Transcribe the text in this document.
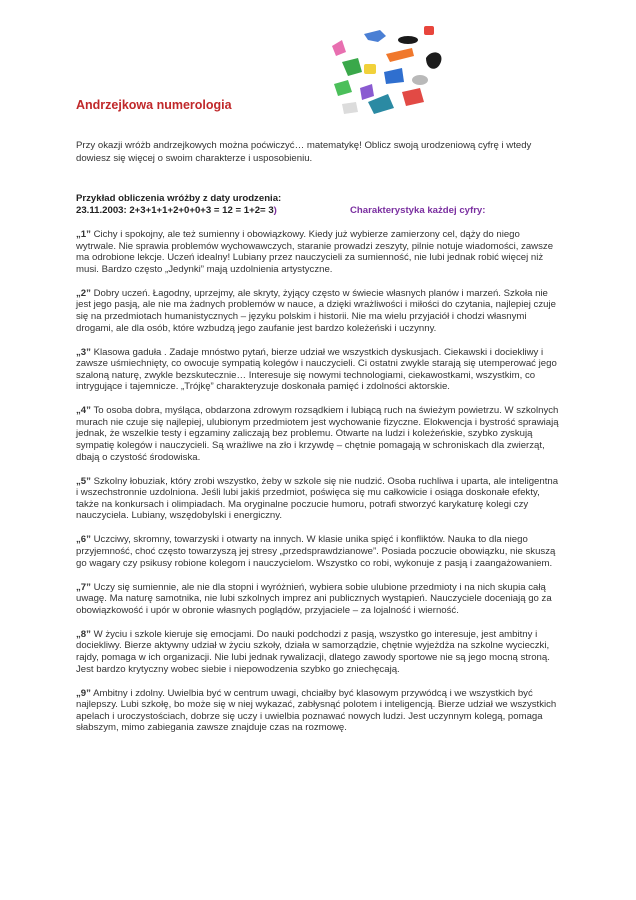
Andrzejkowa numerologia

Przy okazji wróżb andrzejkowych można poćwiczyć… matematykę! Oblicz swoją urodzeniową cyfrę i wtedy dowiesz się więcej o swoim charakterze i usposobieniu.

Przykład obliczenia wróżby z daty urodzenia:
23.11.2003: 2+3+1+1+2+0+0+3 = 12 = 1+2= 3)	Charakterystyka każdej cyfry:

„1” Cichy i spokojny, ale też sumienny i obowiązkowy. Kiedy już wybierze zamierzony cel, dąży do niego wytrwale. Nie sprawia problemów wychowawczych, staranie prowadzi zeszyty, pilnie notuje wiadomości, zawsze ma odrobione lekcje. Uczeń idealny! Lubiany przez nauczycieli za sumienność, nie lubi jednak robić więcej niż musi. Bardzo często „Jedynki” mają uzdolnienia artystyczne.

„2” Dobry uczeń. Łagodny, uprzejmy, ale skryty, żyjący często w świecie własnych planów i marzeń. Szkoła nie jest jego pasją, ale nie ma żadnych problemów w nauce, a dzięki wrażliwości i miłości do czytania, najlepiej czuje się na przedmiotach humanistycznych – języku polskim i historii. Nie ma wielu przyjaciół i chodzi własnymi drogami, ale dla osób, które wzbudzą jego zaufanie jest bardzo koleżeński i uczynny.

„3” Klasowa gaduła . Zadaje mnóstwo pytań, bierze udział we wszystkich dyskusjach. Ciekawski i dociekliwy i zawsze uśmiechnięty, co owocuje sympatią kolegów i nauczycieli. Ci ostatni zwykle starają się utemperować jego szaloną naturę, zwykle bezskutecznie… Interesuje się nowymi technologiami, ciekawostkami, wszystkim, co intrygujące i tajemnicze. „Trójkę” charakteryzuje doskonała pamięć i zdolności aktorskie.

„4” To osoba dobra, myśląca, obdarzona zdrowym rozsądkiem i lubiącą ruch na świeżym powietrzu. W szkolnych murach nie czuje się najlepiej, ulubionym przedmiotem jest wychowanie fizyczne. Elokwencja i bystrość sprawiają jednak, że wszelkie testy i egzaminy zaliczają bez problemu. Otwarte na ludzi i koleżeńskie, szybko zyskują sympatię kolegów i nauczycieli. Są wrażliwe na zło i krzywdę – chętnie pomagają w schroniskach dla zwierząt, dbają o czystość środowiska.

„5” Szkolny łobuziak, który zrobi wszystko, żeby w szkole się nie nudzić. Osoba ruchliwa i uparta, ale inteligentna i wszechstronnie uzdolniona. Jeśli lubi jakiś przedmiot, poświęca się mu całkowicie i osiąga doskonałe efekty, także na konkursach i olimpiadach. Ma oryginalne poczucie humoru, potrafi stworzyć karykaturę kolegi czy nauczyciela. Lubiany, wszędobylski i energiczny.

„6” Uczciwy, skromny, towarzyski i otwarty na innych. W klasie unika spięć i konfliktów. Nauka to dla niego przyjemność, choć często towarzyszą jej stresy „przedsprawdzianowe”. Posiada poczucie obowiązku, nie skuszą go wagary czy psikusy robione kolegom i nauczycielom. Wszystko co robi, wykonuje z pasją i zaangażowaniem.

„7” Uczy się sumiennie, ale nie dla stopni i wyróżnień, wybiera sobie ulubione przedmioty i na nich skupia całą uwagę. Ma naturę samotnika, nie lubi szkolnych imprez ani publicznych wystąpień. Nauczyciele doceniają go za obowiązkowość i upór w obronie własnych poglądów, przyjaciele – za lojalność i wierność.

„8” W życiu i szkole kieruje się emocjami. Do nauki podchodzi z pasją, wszystko go interesuje, jest ambitny i dociekliwy. Bierze aktywny udział w życiu szkoły, działa w samorządzie, chętnie wyjeżdża na szkolne wycieczki, rajdy, pomaga w ich organizacji. Nie lubi jednak rywalizacji, dlatego zawody sportowe nie są jego mocną stroną. Jest bardzo krytyczny wobec siebie i niepowodzenia szybko go zniechęcają.

„9” Ambitny i zdolny. Uwielbia być w centrum uwagi, chciałby być klasowym przywódcą i we wszystkich być najlepszy. Lubi szkołę, bo może się w niej wykazać, zabłysnąć polotem i inteligencją. Bierze udział we wszystkich apelach i uroczystościach, dobrze się uczy i uwielbia poznawać nowych ludzi. Jest uczynnym kolegą, pomaga słabszym, mimo zabiegania zawsze znajduje czas na rozmowę.
